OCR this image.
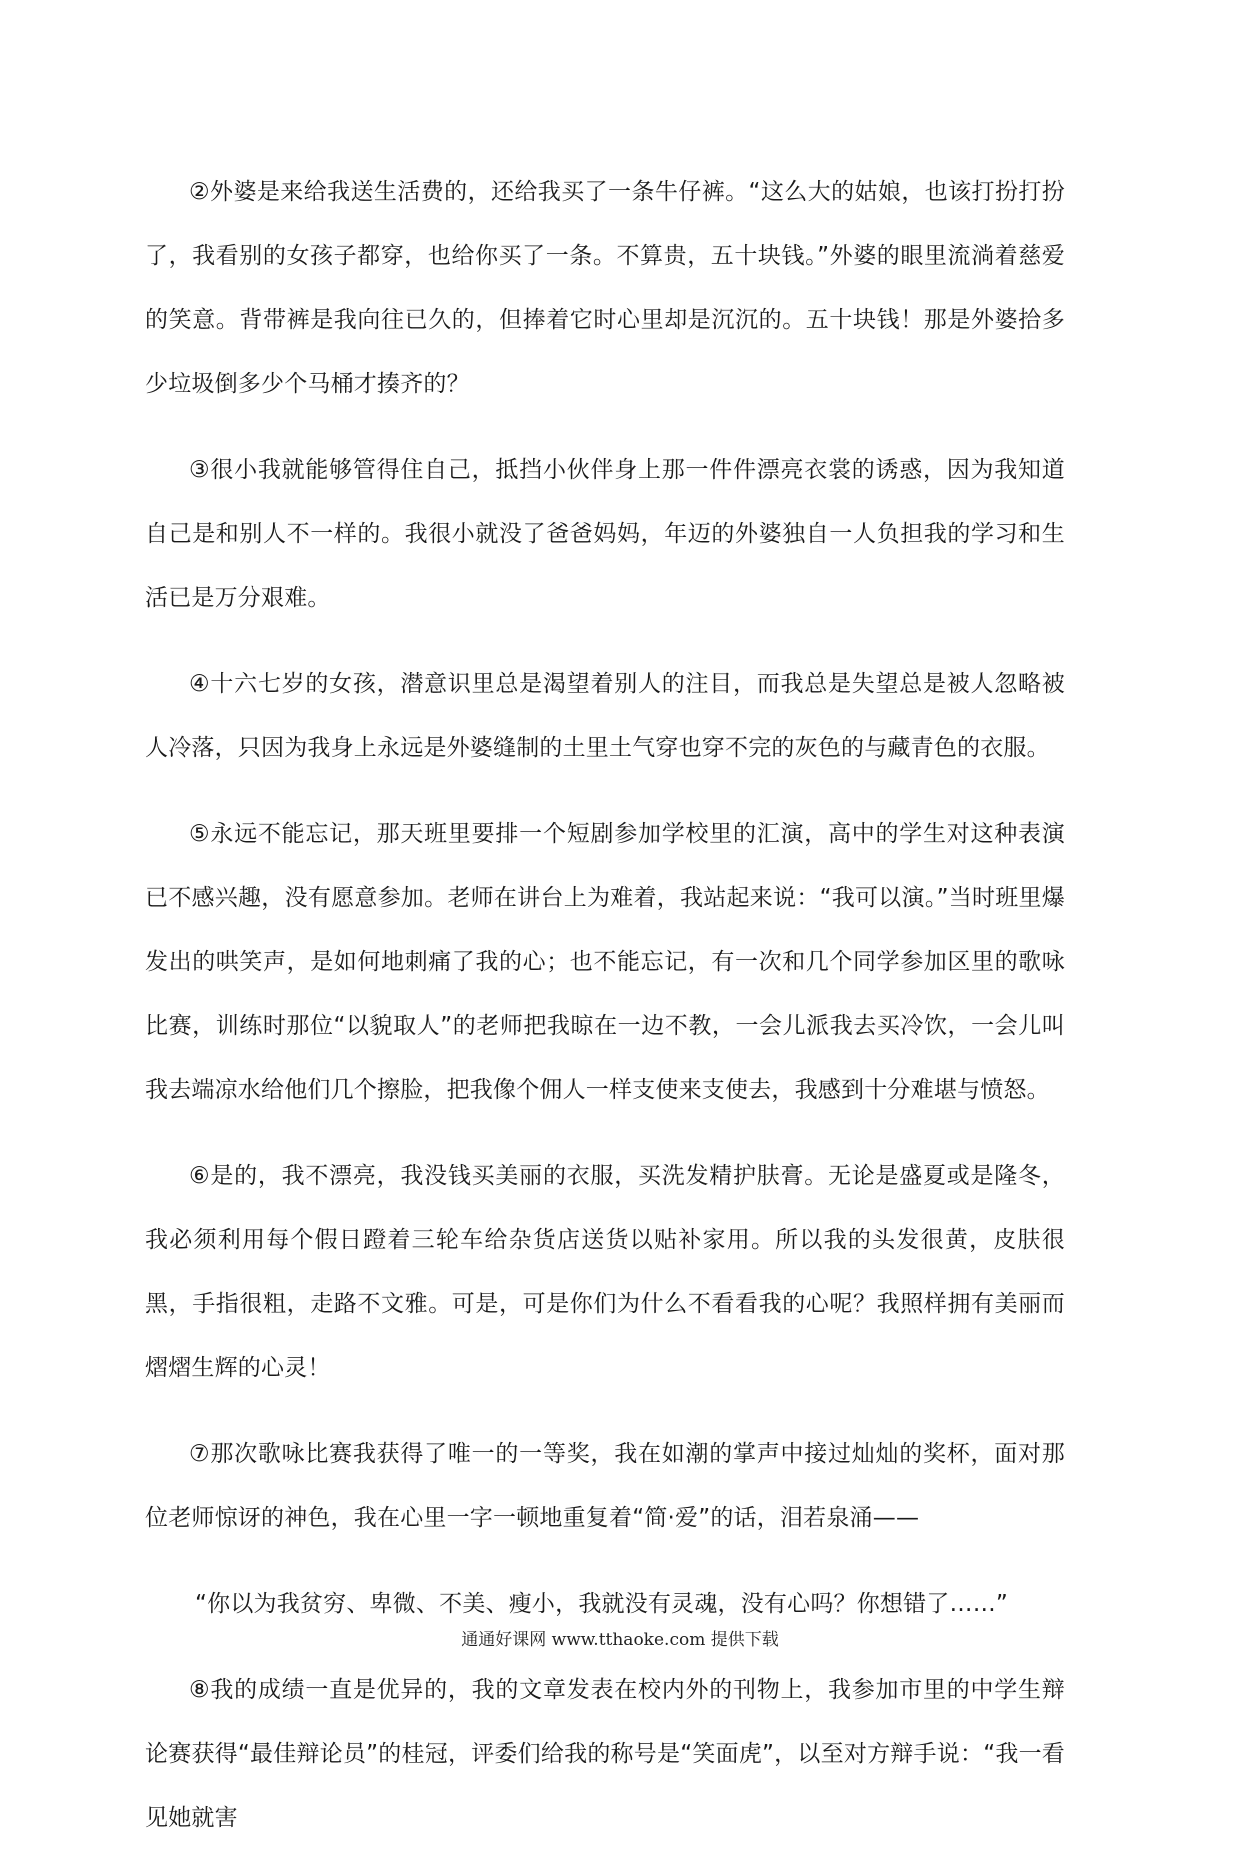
②外婆是来给我送生活费的，还给我买了一条牛仔裤。“这么大的姑娘，也该打扮打扮了，我看别的女孩子都穿，也给你买了一条。不算贵，五十块钱。”外婆的眼里流淌着慈爱的笑意。背带裤是我向往已久的，但捧着它时心里却是沉沉的。五十块钱！那是外婆拾多少垃圾倒多少个马桶才揍齐的？

③很小我就能够管得住自己，抵挡小伙伴身上那一件件漂亮衣裳的诱惑，因为我知道自己是和别人不一样的。我很小就没了爸爸妈妈，年迈的外婆独自一人负担我的学习和生活已是万分艰难。

④十六七岁的女孩，潜意识里总是渴望着别人的注目，而我总是失望总是被人忽略被人冷落，只因为我身上永远是外婆缝制的土里土气穿也穿不完的灰色的与藏青色的衣服。

⑤永远不能忘记，那天班里要排一个短剧参加学校里的汇演，高中的学生对这种表演已不感兴趣，没有愿意参加。老师在讲台上为难着，我站起来说：“我可以演。”当时班里爆发出的哄笑声，是如何地刺痛了我的心；也不能忘记，有一次和几个同学参加区里的歌咏比赛，训练时那位“以貌取人”的老师把我晾在一边不教，一会儿派我去买冷饮，一会儿叫我去端凉水给他们几个擦脸，把我像个佣人一样支使来支使去，我感到十分难堪与愤怒。

⑥是的，我不漂亮，我没钱买美丽的衣服，买洗发精护肤膏。无论是盛夏或是隆冬，我必须利用每个假日蹬着三轮车给杂货店送货以贴补家用。所以我的头发很黄，皮肤很黑，手指很粗，走路不文雅。可是，可是你们为什么不看看我的心呢？我照样拥有美丽而熠熠生辉的心灵！

⑦那次歌咏比赛我获得了唯一的一等奖，我在如潮的掌声中接过灿灿的奖杯，面对那位老师惊讶的神色，我在心里一字一顿地重复着“简·爱”的话，泪若泉涌——

“你以为我贫穷、卑微、不美、瘦小，我就没有灵魂，没有心吗？你想错了……”

⑧我的成绩一直是优异的，我的文章发表在校内外的刊物上，我参加市里的中学生辩论赛获得“最佳辩论员”的桂冠，评委们给我的称号是“笑面虎”，以至对方辩手说：“我一看见她就害

通通好课网 www.tthaoke.com 提供下载
